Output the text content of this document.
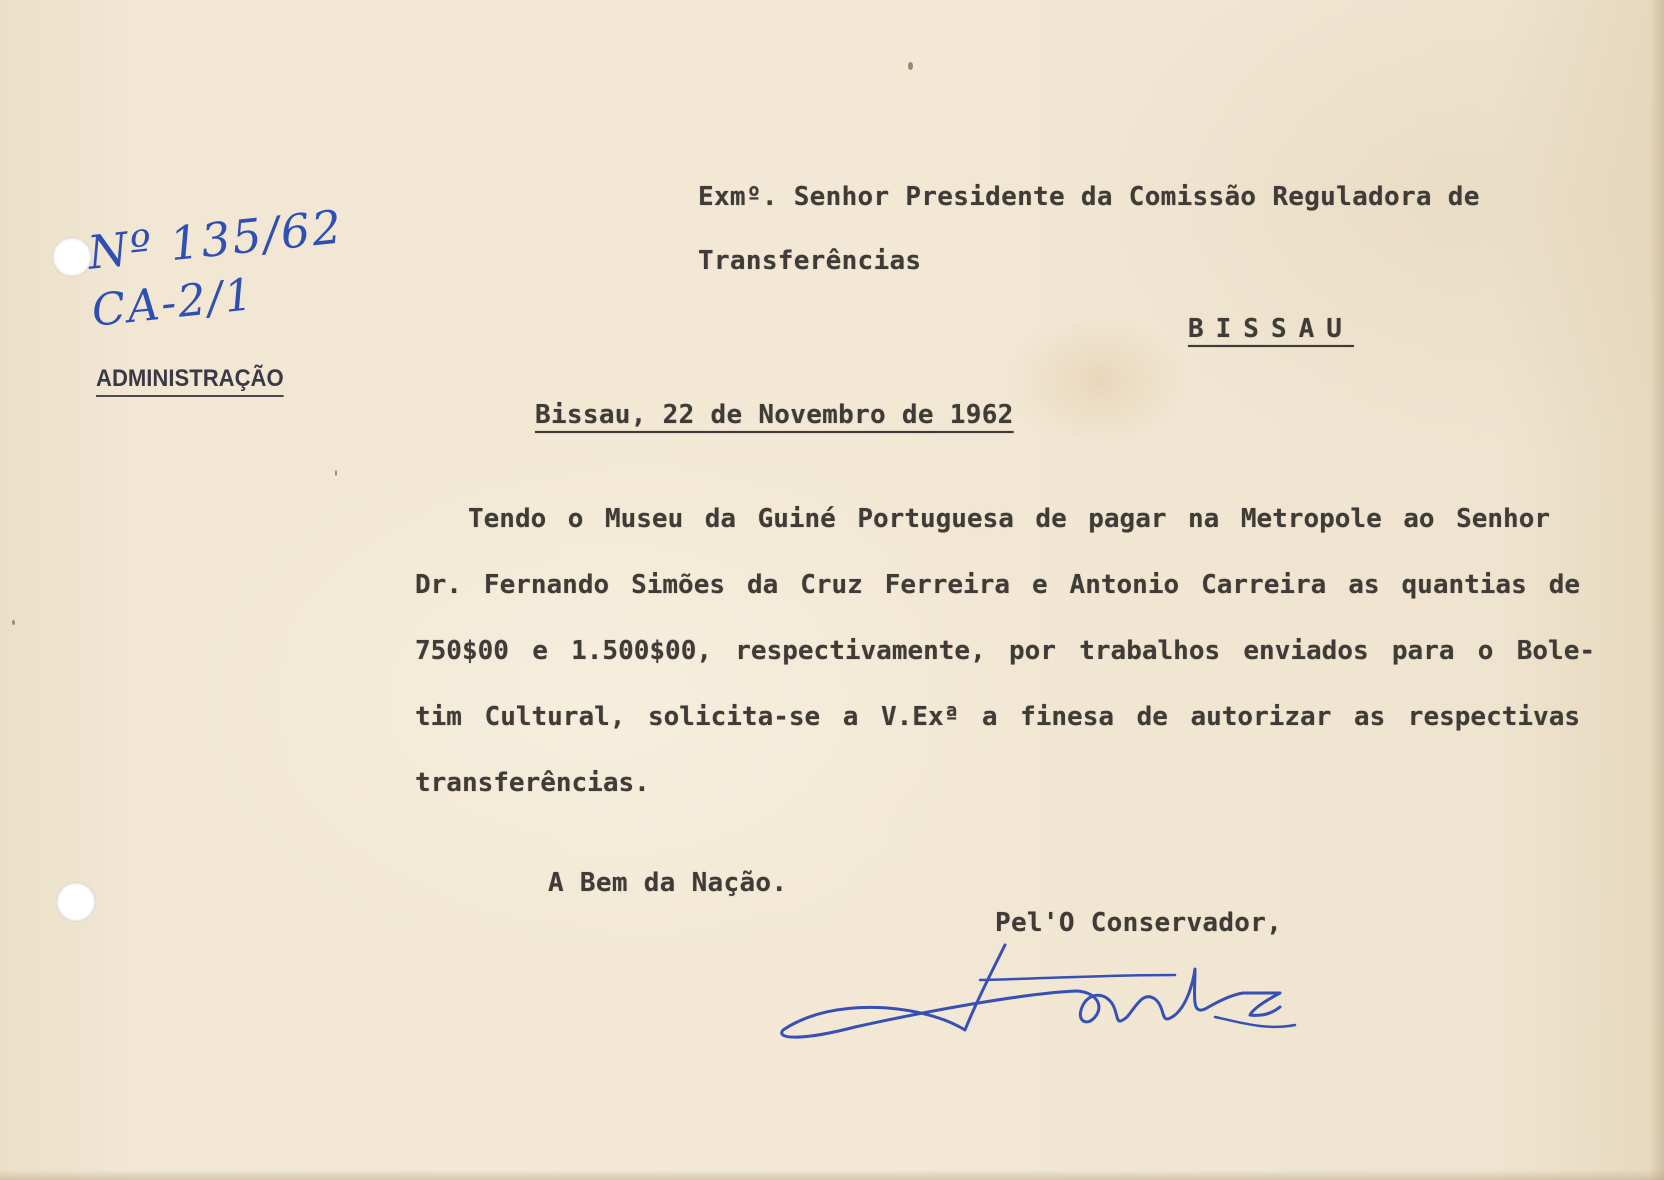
Nº 135/62

CA-2/1

ADMINISTRAÇÃO

Exmº. Senhor Presidente da Comissão Reguladora de

Transferências

BISSAU

Bissau, 22 de Novembro de 1962

Tendo o Museu da Guiné Portuguesa de pagar na Metropole ao Senhor

Dr. Fernando Simões da Cruz Ferreira e Antonio Carreira as quantias de

750$00 e 1.500$00, respectivamente, por trabalhos enviados para o Bole-

tim Cultural, solicita-se a V.Exª a finesa de autorizar as respectivas

transferências.

A Bem da Nação.

Pel'O Conservador,
